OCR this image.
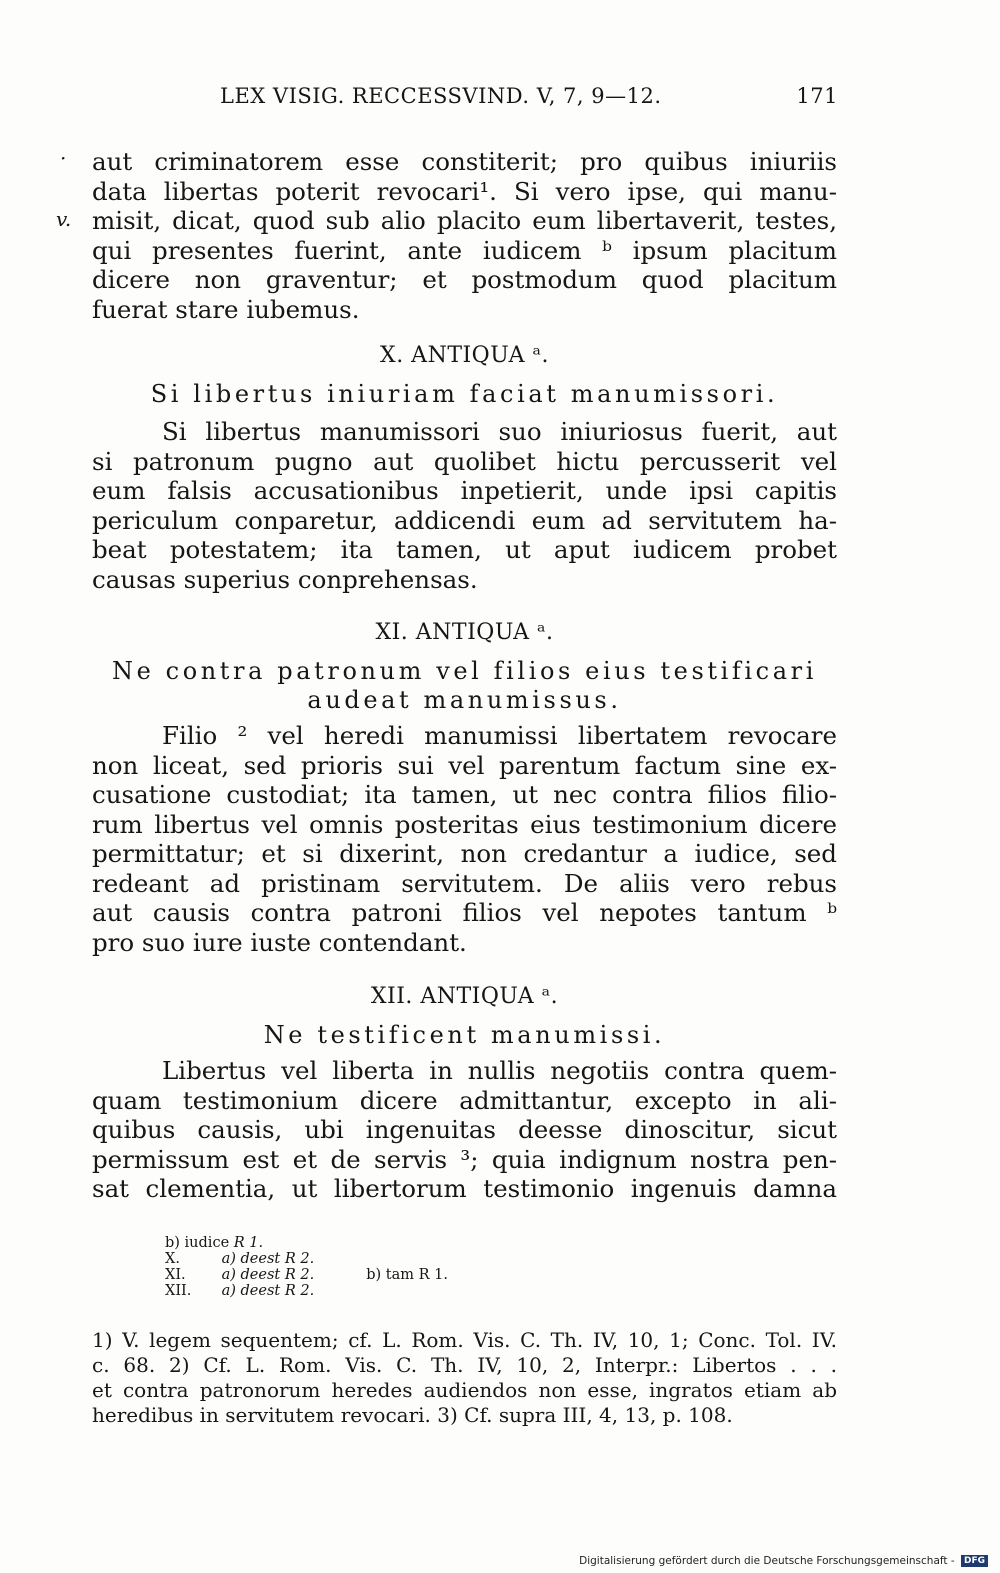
LEX VISIG. RECCESSVIND. V, 7, 9—12.	171
·
v.
aut criminatorem esse constiterit; pro quibus iniuriis
data libertas poterit revocari¹. Si vero ipse, qui manu-
misit, dicat, quod sub alio placito eum libertaverit, testes,
qui presentes fuerint, ante iudicem ᵇ ipsum placitum
dicere non graventur; et postmodum quod placitum
fuerat stare iubemus.
X. ANTIQUA ᵃ.
Si libertus iniuriam faciat manumissori.
Si libertus manumissori suo iniuriosus fuerit, aut
si patronum pugno aut quolibet hictu percusserit vel
eum falsis accusationibus inpetierit, unde ipsi capitis
periculum conparetur, addicendi eum ad servitutem ha-
beat potestatem; ita tamen, ut aput iudicem probet
causas superius conprehensas.
XI. ANTIQUA ᵃ.
Ne contra patronum vel filios eius testificari
audeat manumissus.
Filio ² vel heredi manumissi libertatem revocare
non liceat, sed prioris sui vel parentum factum sine ex-
cusatione custodiat; ita tamen, ut nec contra filios filio-
rum libertus vel omnis posteritas eius testimonium dicere
permittatur; et si dixerint, non credantur a iudice, sed
redeant ad pristinam servitutem. De aliis vero rebus
aut causis contra patroni filios vel nepotes tantum ᵇ
pro suo iure iuste contendant.
XII. ANTIQUA ᵃ.
Ne testificent manumissi.
Libertus vel liberta in nullis negotiis contra quem-
quam testimonium dicere admittantur, excepto in ali-
quibus causis, ubi ingenuitas deesse dinoscitur, sicut
permissum est et de servis ³; quia indignum nostra pen-
sat clementia, ut libertorum testimonio ingenuis damna
b) iudice R 1.
X.	a) deest R 2.
XI. a) deest R 2.	b) tam R 1.
XII. a) deest R 2.
1) V. legem sequentem; cf. L. Rom. Vis. C. Th. IV, 10, 1; Conc. Tol. IV.
c. 68. 2) Cf. L. Rom. Vis. C. Th. IV, 10, 2, Interpr.: Libertos . . .
et contra patronorum heredes audiendos non esse, ingratos etiam ab
heredibus in servitutem revocari. 3) Cf. supra III, 4, 13, p. 108.
Digitalisierung gefördert durch die Deutsche Forschungsgemeinschaft - DFG
